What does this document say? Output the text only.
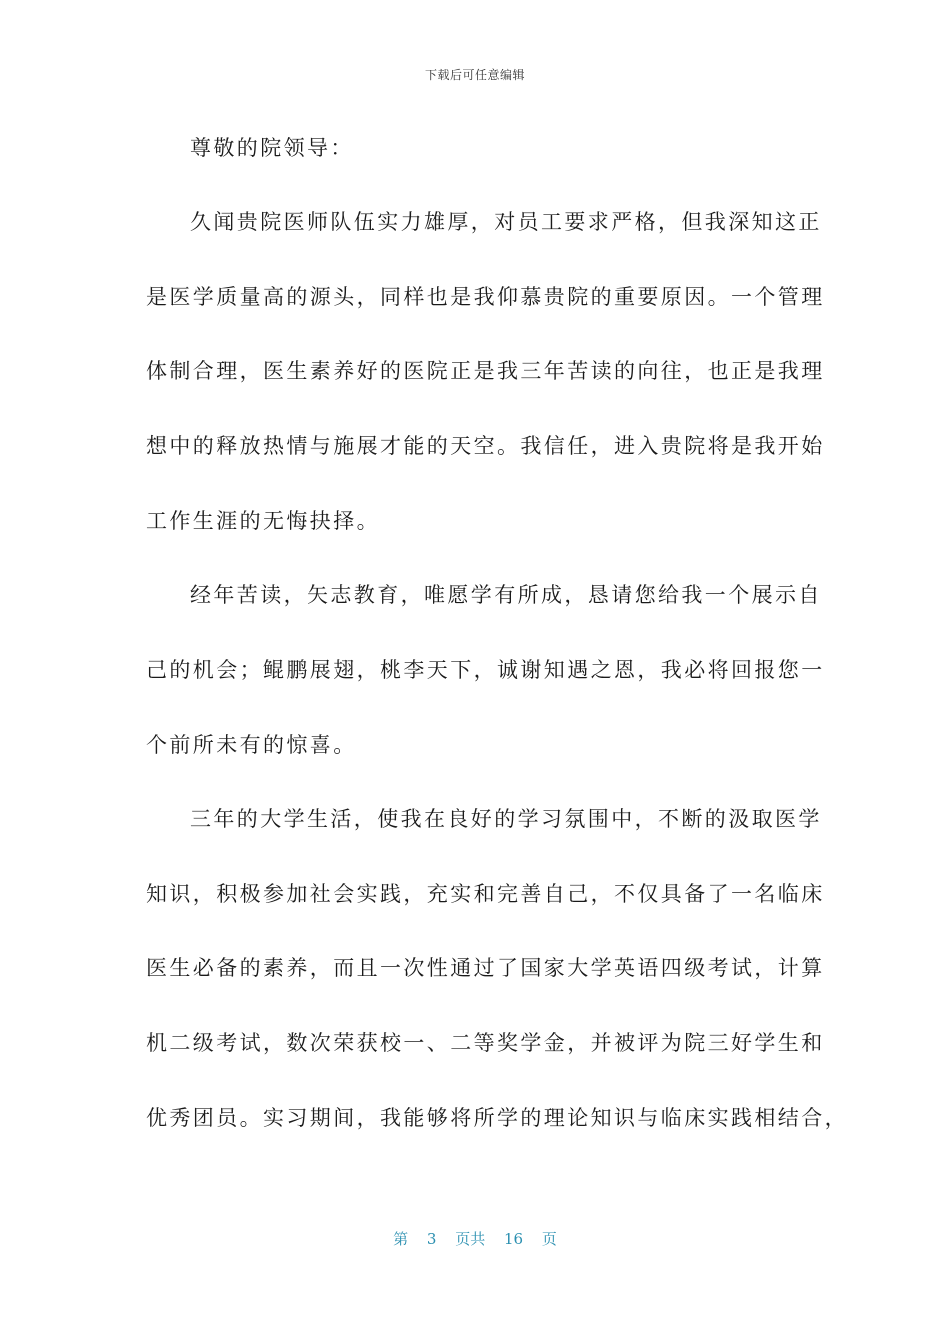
下载后可任意编辑
尊敬的院领导：
久闻贵院医师队伍实力雄厚，对员工要求严格，但我深知这正
是医学质量高的源头，同样也是我仰慕贵院的重要原因。一个管理
体制合理，医生素养好的医院正是我三年苦读的向往，也正是我理
想中的释放热情与施展才能的天空。我信任，进入贵院将是我开始
工作生涯的无悔抉择。
经年苦读，矢志教育，唯愿学有所成，恳请您给我一个展示自
己的机会；鲲鹏展翅，桃李天下，诚谢知遇之恩，我必将回报您一
个前所未有的惊喜。
三年的大学生活，使我在良好的学习氛围中，不断的汲取医学
知识，积极参加社会实践，充实和完善自己，不仅具备了一名临床
医生必备的素养，而且一次性通过了国家大学英语四级考试，计算
机二级考试，数次荣获校一、二等奖学金，并被评为院三好学生和
优秀团员。实习期间，我能够将所学的理论知识与临床实践相结合，
第 3 页共 16 页
